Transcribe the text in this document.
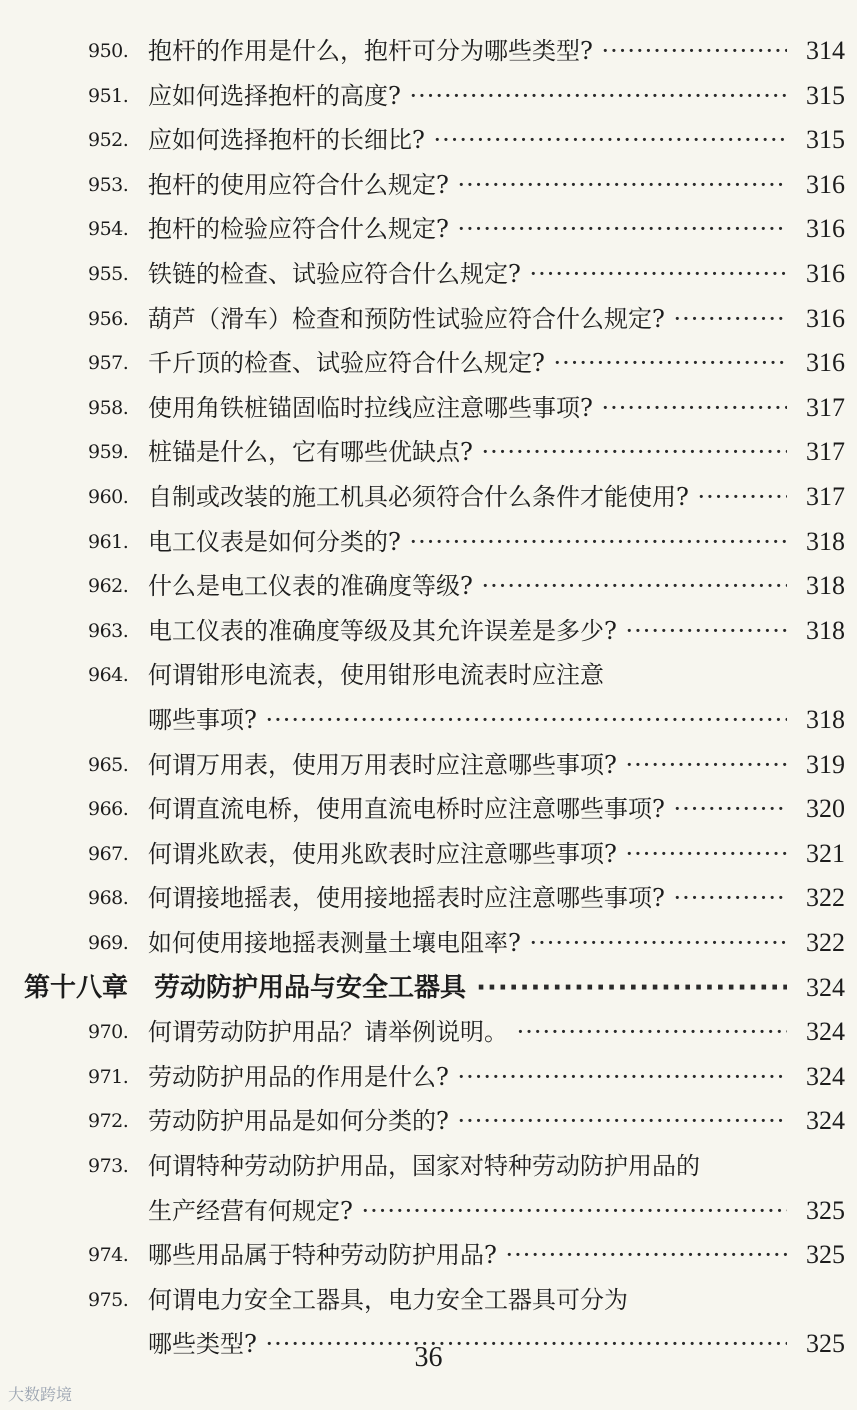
950. 抱杆的作用是什么，抱杆可分为哪些类型? ·····	314
951. 应如何选择抱杆的高度? ·····	315
952. 应如何选择抱杆的长细比? ·····	315
953. 抱杆的使用应符合什么规定? ·····	316
954. 抱杆的检验应符合什么规定? ·····	316
955. 铁链的检查、试验应符合什么规定? ·····	316
956. 葫芦（滑车）检查和预防性试验应符合什么规定? ·····	316
957. 千斤顶的检查、试验应符合什么规定? ·····	316
958. 使用角铁桩锚固临时拉线应注意哪些事项? ·····	317
959. 桩锚是什么，它有哪些优缺点? ·····	317
960. 自制或改装的施工机具必须符合什么条件才能使用? ·····	317
961. 电工仪表是如何分类的? ·····	318
962. 什么是电工仪表的准确度等级? ·····	318
963. 电工仪表的准确度等级及其允许误差是多少? ·····	318
964. 何谓钳形电流表，使用钳形电流表时应注意
哪些事项? ·····	318
965. 何谓万用表，使用万用表时应注意哪些事项? ·····	319
966. 何谓直流电桥，使用直流电桥时应注意哪些事项? ·····	320
967. 何谓兆欧表，使用兆欧表时应注意哪些事项? ·····	321
968. 何谓接地摇表，使用接地摇表时应注意哪些事项? ·····	322
969. 如何使用接地摇表测量土壤电阻率? ·····	322
第十八章　劳动防护用品与安全工器具 ·····	324
970. 何谓劳动防护用品？请举例说明。 ·····	324
971. 劳动防护用品的作用是什么? ·····	324
972. 劳动防护用品是如何分类的? ·····	324
973. 何谓特种劳动防护用品，国家对特种劳动防护用品的
生产经营有何规定? ·····	325
974. 哪些用品属于特种劳动防护用品? ·····	325
975. 何谓电力安全工器具，电力安全工器具可分为
哪些类型? ·····	325
36
大数跨境
